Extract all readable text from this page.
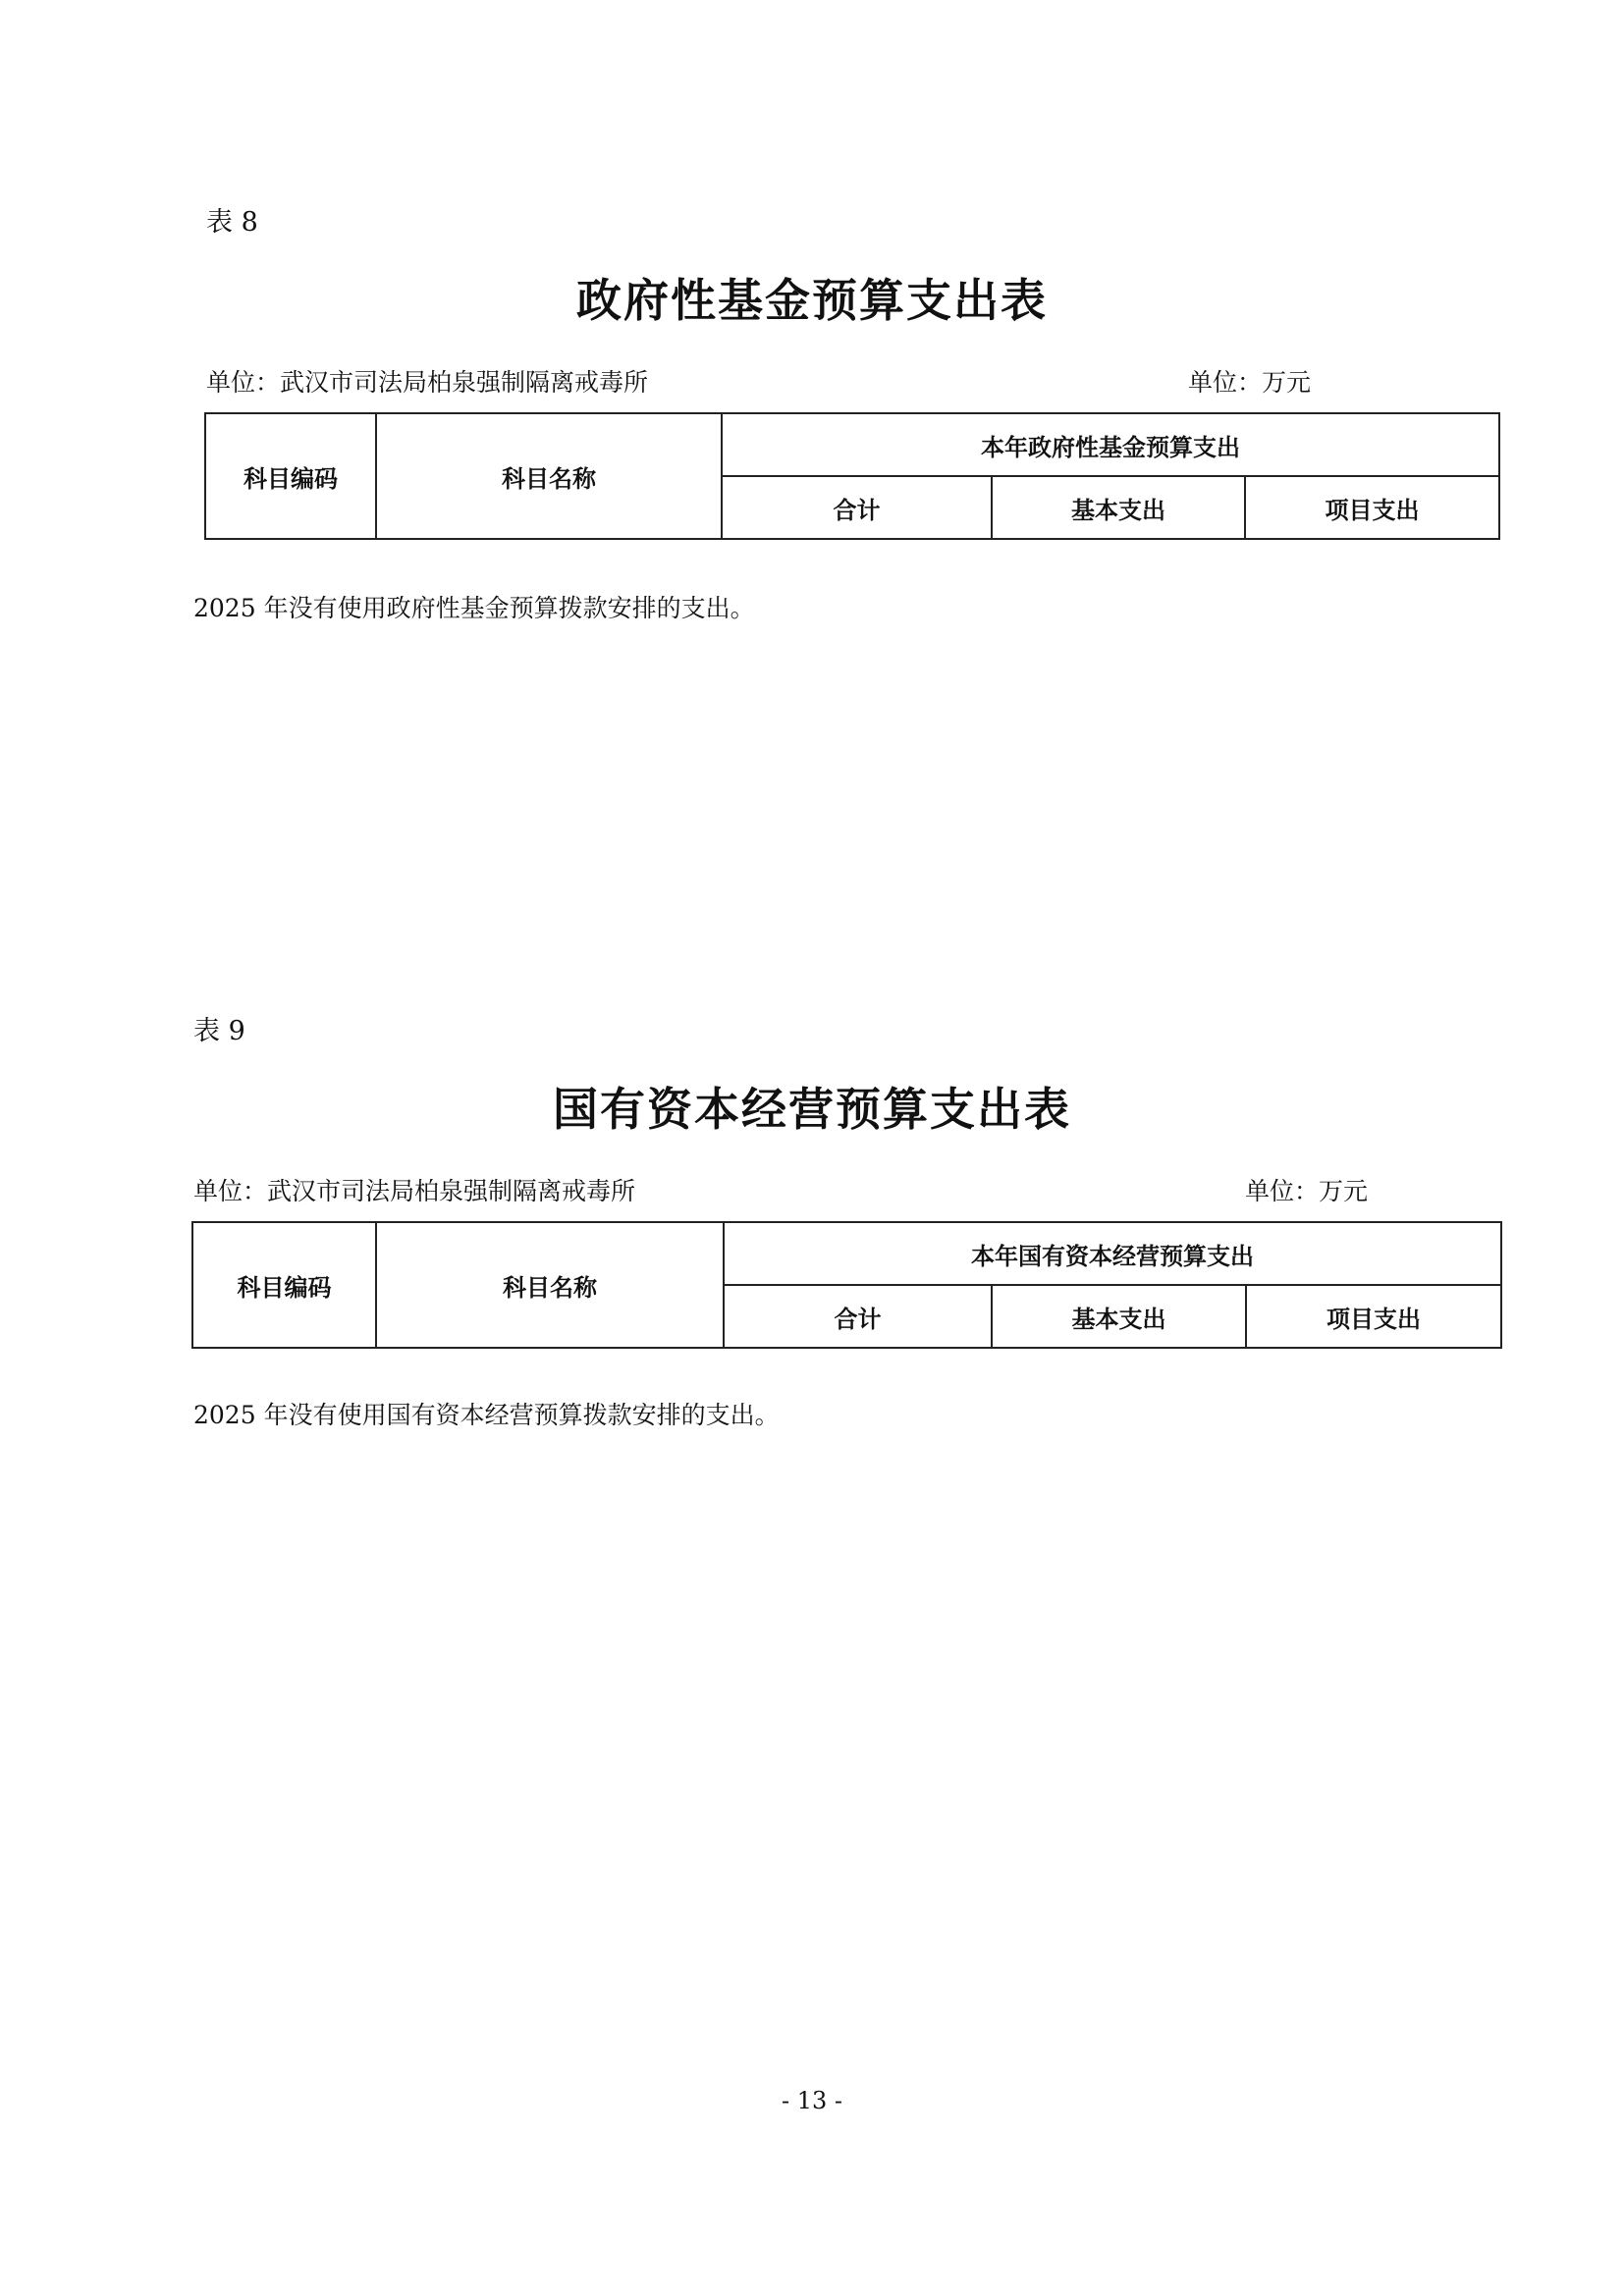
表 8
政府性基金预算支出表
单位：武汉市司法局柏泉强制隔离戒毒所	单位：万元
科目编码	科目名称	本年政府性基金预算支出		
		合计	基本支出	项目支出
2025 年没有使用政府性基金预算拨款安排的支出。
表 9
国有资本经营预算支出表
单位：武汉市司法局柏泉强制隔离戒毒所	单位：万元
科目编码	科目名称	本年国有资本经营预算支出		
		合计	基本支出	项目支出
2025 年没有使用国有资本经营预算拨款安排的支出。
- 13 -
